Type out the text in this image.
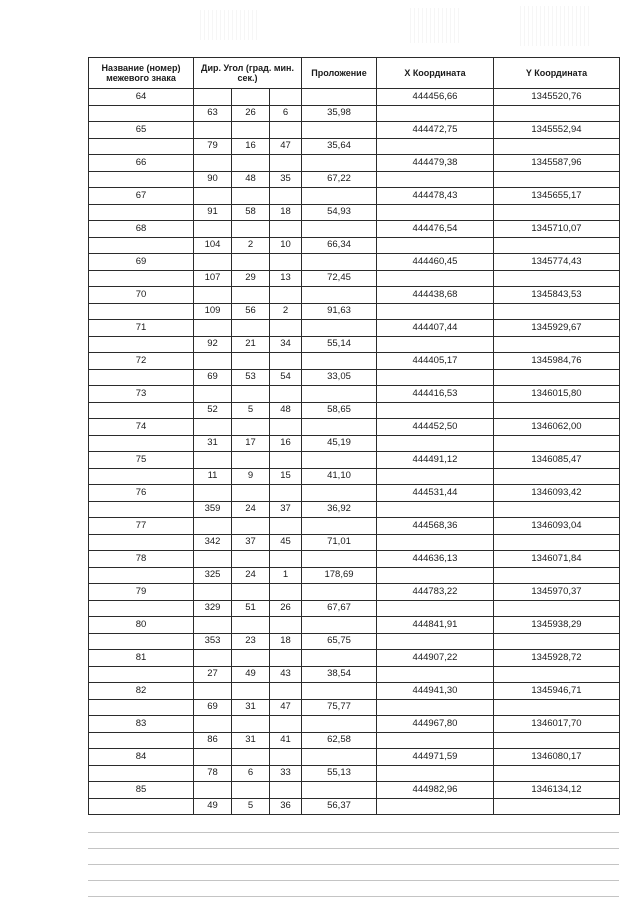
Название (номер) межевого знака	Дир. Угол (град. мин. сек.)			Проложение	X Координата	Y Координата
64					444456,66	1345520,76
	63	26	6	35,98		
65					444472,75	1345552,94
	79	16	47	35,64		
66					444479,38	1345587,96
	90	48	35	67,22		
67					444478,43	1345655,17
	91	58	18	54,93		
68					444476,54	1345710,07
	104	2	10	66,34		
69					444460,45	1345774,43
	107	29	13	72,45		
70					444438,68	1345843,53
	109	56	2	91,63		
71					444407,44	1345929,67
	92	21	34	55,14		
72					444405,17	1345984,76
	69	53	54	33,05		
73					444416,53	1346015,80
	52	5	48	58,65		
74					444452,50	1346062,00
	31	17	16	45,19		
75					444491,12	1346085,47
	11	9	15	41,10		
76					444531,44	1346093,42
	359	24	37	36,92		
77					444568,36	1346093,04
	342	37	45	71,01		
78					444636,13	1346071,84
	325	24	1	178,69		
79					444783,22	1345970,37
	329	51	26	67,67		
80					444841,91	1345938,29
	353	23	18	65,75		
81					444907,22	1345928,72
	27	49	43	38,54		
82					444941,30	1345946,71
	69	31	47	75,77		
83					444967,80	1346017,70
	86	31	41	62,58		
84					444971,59	1346080,17
	78	6	33	55,13		
85					444982,96	1346134,12
	49	5	36	56,37		
